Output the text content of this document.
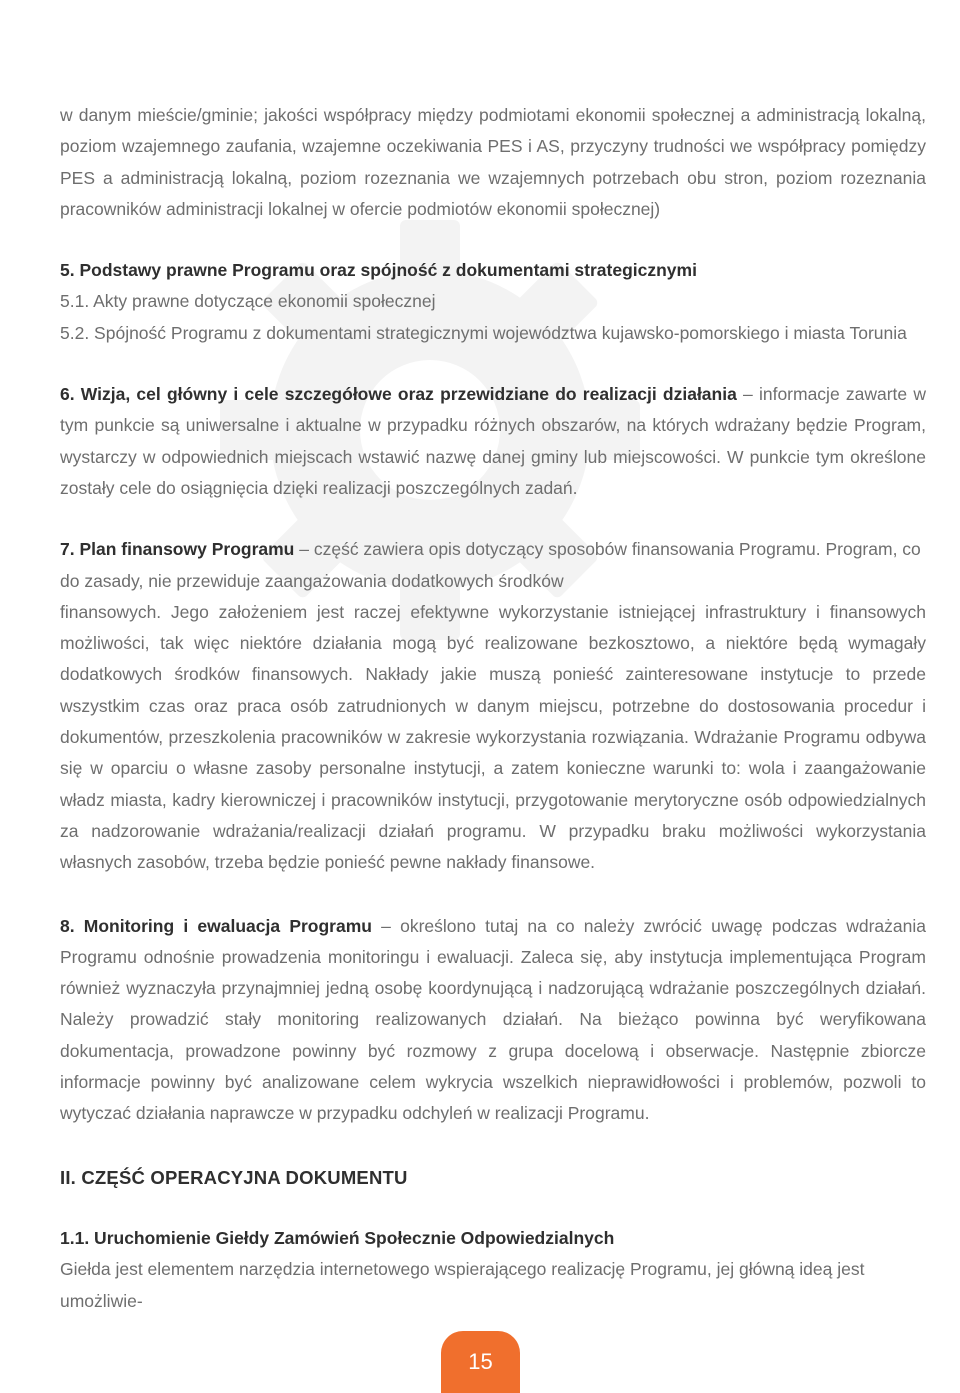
w danym mieście/gminie; jakości współpracy między podmiotami ekonomii społecznej a administracją lokalną, poziom wzajemnego zaufania, wzajemne oczekiwania PES i AS, przyczyny trudności we współpracy pomiędzy PES a administracją lokalną, poziom rozeznania we wzajemnych potrzebach obu stron, poziom rozeznania pracowników administracji lokalnej w ofercie podmiotów ekonomii społecznej)

5. Podstawy prawne Programu oraz spójność z dokumentami strategicznymi

5.1. Akty prawne dotyczące ekonomii społecznej

5.2. Spójność Programu z dokumentami strategicznymi województwa kujawsko-pomorskiego i miasta Torunia

6. Wizja, cel główny i cele szczegółowe oraz przewidziane do realizacji działania – informacje zawarte w tym punkcie są uniwersalne i aktualne w przypadku różnych obszarów, na których wdrażany będzie Program, wystarczy w odpowiednich miejscach wstawić nazwę danej gminy lub miejscowości. W punkcie tym określone zostały cele do osiągnięcia dzięki realizacji poszczególnych zadań.

7. Plan finansowy Programu – część zawiera opis dotyczący sposobów finansowania Programu. Program, co do zasady, nie przewiduje zaangażowania dodatkowych środków

finansowych. Jego założeniem jest raczej efektywne wykorzystanie istniejącej infrastruktury i finansowych możliwości, tak więc niektóre działania mogą być realizowane bezkosztowo, a niektóre będą wymagały dodatkowych środków finansowych. Nakłady jakie muszą ponieść zainteresowane instytucje to przede wszystkim czas oraz praca osób zatrudnionych w danym miejscu, potrzebne do dostosowania procedur i dokumentów, przeszkolenia pracowników w zakresie wykorzystania rozwiązania. Wdrażanie Programu odbywa się w oparciu o własne zasoby personalne instytucji, a zatem konieczne warunki to: wola i zaangażowanie władz miasta, kadry kierowniczej i pracowników instytucji, przygotowanie merytoryczne osób odpowiedzialnych za nadzorowanie wdrażania/realizacji działań programu. W przypadku braku możliwości wykorzystania własnych zasobów, trzeba będzie ponieść pewne nakłady finansowe.

8. Monitoring i ewaluacja Programu – określono tutaj na co należy zwrócić uwagę podczas wdrażania Programu odnośnie prowadzenia monitoringu i ewaluacji. Zaleca się, aby instytucja implementująca Program również wyznaczyła przynajmniej jedną osobę koordynującą i nadzorującą wdrażanie poszczególnych działań. Należy prowadzić stały monitoring realizowanych działań. Na bieżąco powinna być weryfikowana dokumentacja, prowadzone powinny być rozmowy z grupa docelową i obserwacje. Następnie zbiorcze informacje powinny być analizowane celem wykrycia wszelkich nieprawidłowości i problemów, pozwoli to wytyczać działania naprawcze w przypadku odchyleń w realizacji Programu.

II. CZĘŚĆ OPERACYJNA DOKUMENTU

1.1. Uruchomienie Giełdy Zamówień Społecznie Odpowiedzialnych

Giełda jest elementem narzędzia internetowego wspierającego realizację Programu, jej główną ideą jest umożliwie-

15
